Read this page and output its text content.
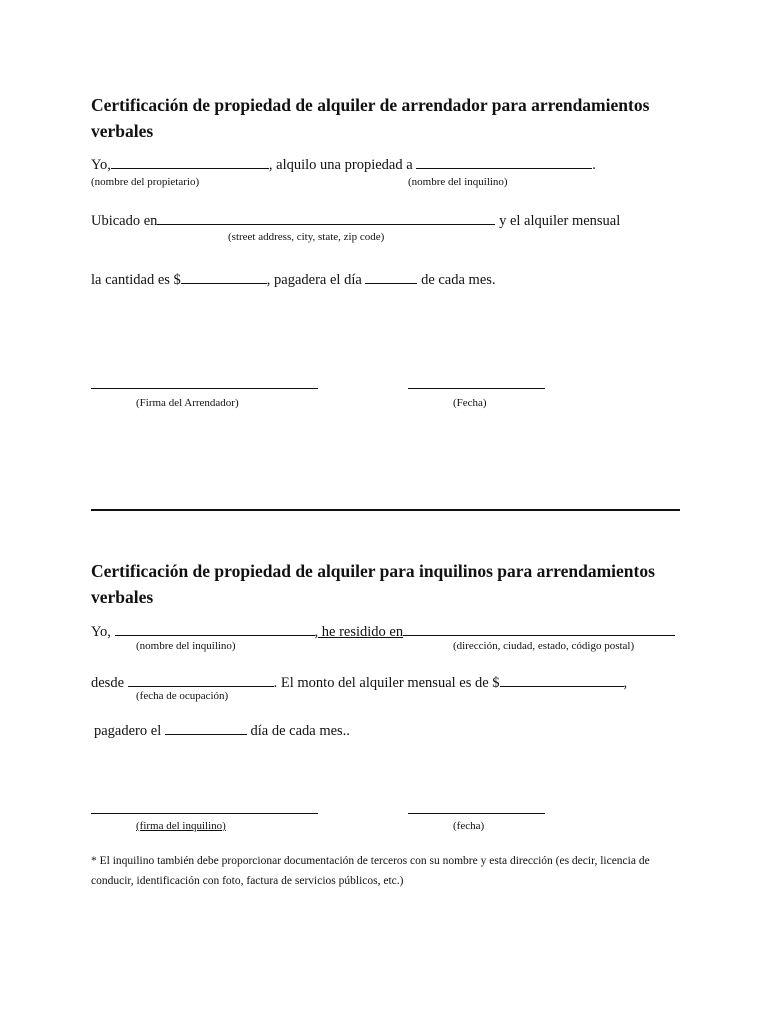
Certificación de propiedad de alquiler de arrendador para arrendamientos verbales
Yo,	, alquilo una propiedad a	.
(nombre del propietario)	(nombre del inquilino)
Ubicado en	y el alquiler mensual
(street address, city, state, zip code)
la cantidad es $	, pagadera el día	de cada mes.
(Firma del Arrendador)	(Fecha)
Certificación de propiedad de alquiler para inquilinos para arrendamientos verbales
Yo,	, he residido en
(nombre del inquilino)	(dirección, ciudad, estado, código postal)
desde	. El monto del alquiler mensual es de $	,
(fecha de ocupación)
pagadero el	día de cada mes..
(firma del inquilino)	(fecha)
* El inquilino también debe proporcionar documentación de terceros con su nombre y esta dirección (es decir, licencia de conducir, identificación con foto, factura de servicios públicos, etc.)
